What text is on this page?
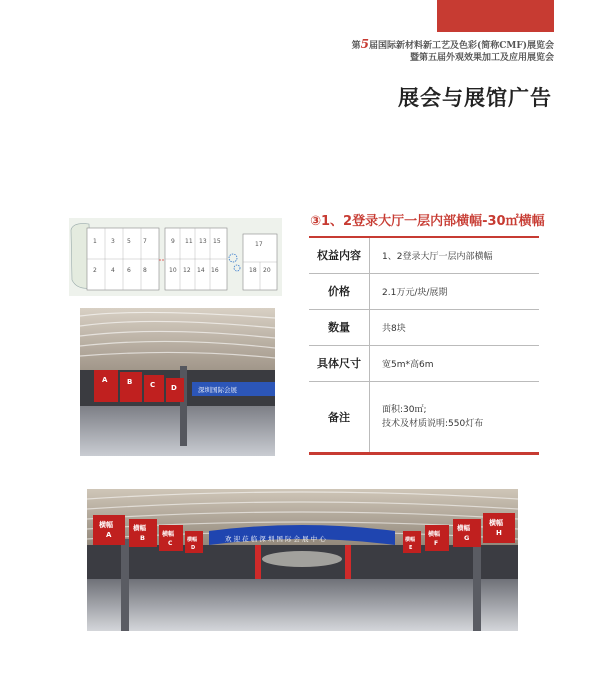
第5届国际新材料新工艺及色彩(简称CMF)展览会
暨第五届外观效果加工及应用展览会
展会与展馆广告
1 3 5 7	9 11 13 15	17
2 4 6 8	10 12 14 16	18 20
A	B	C D	深圳国际会展
③1、2登录大厅一层内部横幅-30㎡横幅
权益内容	1、2登录大厅一层内部横幅
价格	2.1万元/块/展期
数量	共8块
具体尺寸	宽5m*高6m
备注	面积:30㎡;
技术及材质说明:550灯布
欢 迎 莅 临 深 圳 国 际 会 展 中 心
横幅
A
横幅
B	横幅
C	横幅
D
横幅
E
横幅
F
横幅
G
横幅
H
